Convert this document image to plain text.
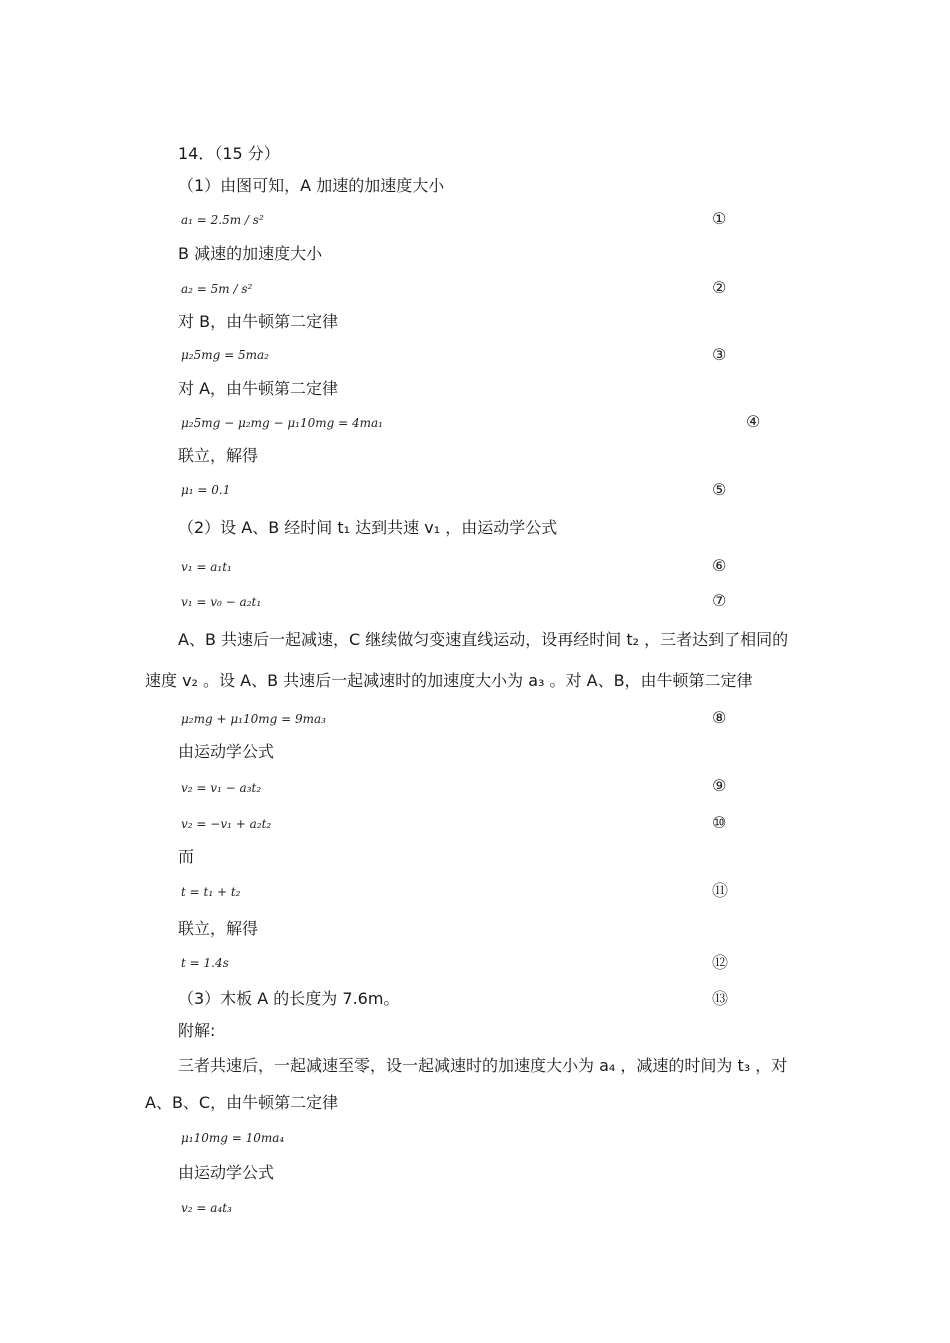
14．（15 分）
（1）由图可知，A 加速的加速度大小
a₁ = 2.5m / s²	①
B 减速的加速度大小
a₂ = 5m / s²	②
对 B，由牛顿第二定律
μ₂5mg = 5ma₂	③
对 A，由牛顿第二定律
μ₂5mg − μ₂mg − μ₁10mg = 4ma₁	④
联立，解得
μ₁ = 0.1	⑤
（2）设 A、B 经时间 t₁ 达到共速 v₁ ，由运动学公式
v₁ = a₁t₁	⑥
v₁ = v₀ − a₂t₁	⑦
A、B 共速后一起减速，C 继续做匀变速直线运动，设再经时间 t₂ ，三者达到了相同的
速度 v₂ 。设 A、B 共速后一起减速时的加速度大小为 a₃ 。对 A、B，由牛顿第二定律
μ₂mg + μ₁10mg = 9ma₃	⑧
由运动学公式
v₂ = v₁ − a₃t₂	⑨
v₂ = −v₁ + a₂t₂	⑩
而
t = t₁ + t₂	⑪
联立，解得
t = 1.4s	⑫
（3）木板 A 的长度为 7.6m。	⑬
附解:
三者共速后，一起减速至零，设一起减速时的加速度大小为 a₄ ，减速的时间为 t₃ ，对
A、B、C，由牛顿第二定律
μ₁10mg = 10ma₄
由运动学公式
v₂ = a₄t₃
